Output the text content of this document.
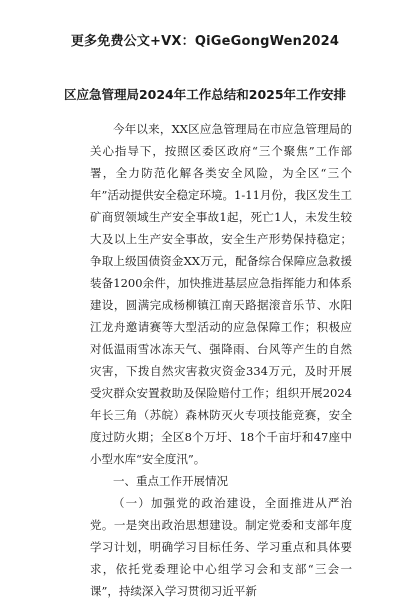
更多免费公文+VX：QiGeGongWen2024
区应急管理局2024年工作总结和2025年工作安排

今年以来，XX区应急管理局在市应急管理局的关心指导下，按照区委区政府“三个聚焦”工作部署，全力防范化解各类安全风险，为全区“三个年”活动提供安全稳定环境。1-11月份，我区发生工矿商贸领域生产安全事故1起，死亡1人，未发生较大及以上生产安全事故，安全生产形势保持稳定；争取上级国债资金XX万元，配备综合保障应急救援装备1200余件，加快推进基层应急指挥能力和体系建设，圆满完成杨柳镇江南天路据滚音乐节、水阳江龙舟邀请赛等大型活动的应急保障工作；积极应对低温雨雪冰冻天气、强降雨、台风等产生的自然灾害，下拨自然灾害救灾资金334万元，及时开展受灾群众安置救助及保险赔付工作；组织开展2024年长三角（苏皖）森林防灭火专项技能竞赛，安全度过防火期；全区8个万圩、18个千亩圩和47座中小型水库“安全度汛”。

一、重点工作开展情况

（一）加强党的政治建设，全面推进从严治党。一是突出政治思想建设。制定党委和支部年度学习计划，明确学习目标任务、学习重点和具体要求，依托党委理论中心组学习会和支部“三会一课”，持续深入学习贯彻习近平新
